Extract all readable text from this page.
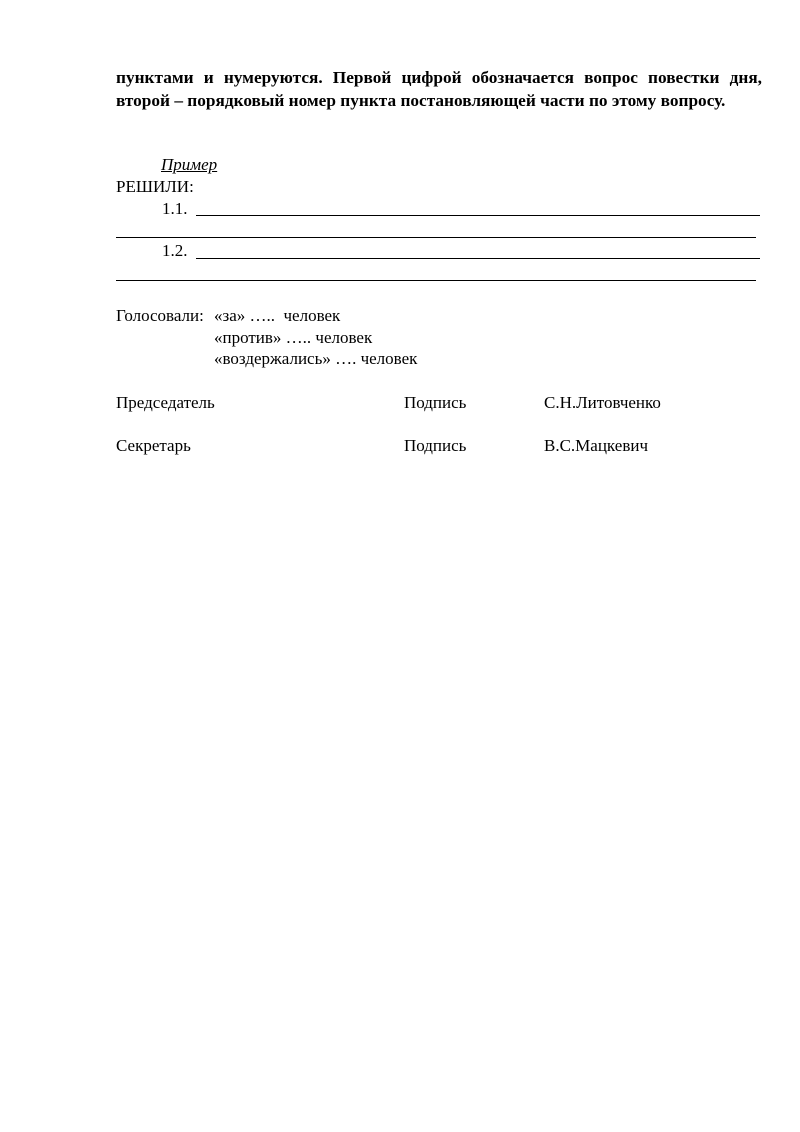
пунктами и нумеруются. Первой цифрой обозначается вопрос повестки дня, второй – порядковый номер пункта постановляющей части по этому вопросу.

Пример
РЕШИЛИ:
1.1.
1.2.
Голосовали: «за» …..  человек
«против» ….. человек
«воздержались» …. человек
Председатель	Подпись	С.Н.Литовченко
Секретарь	Подпись	В.С.Мацкевич
